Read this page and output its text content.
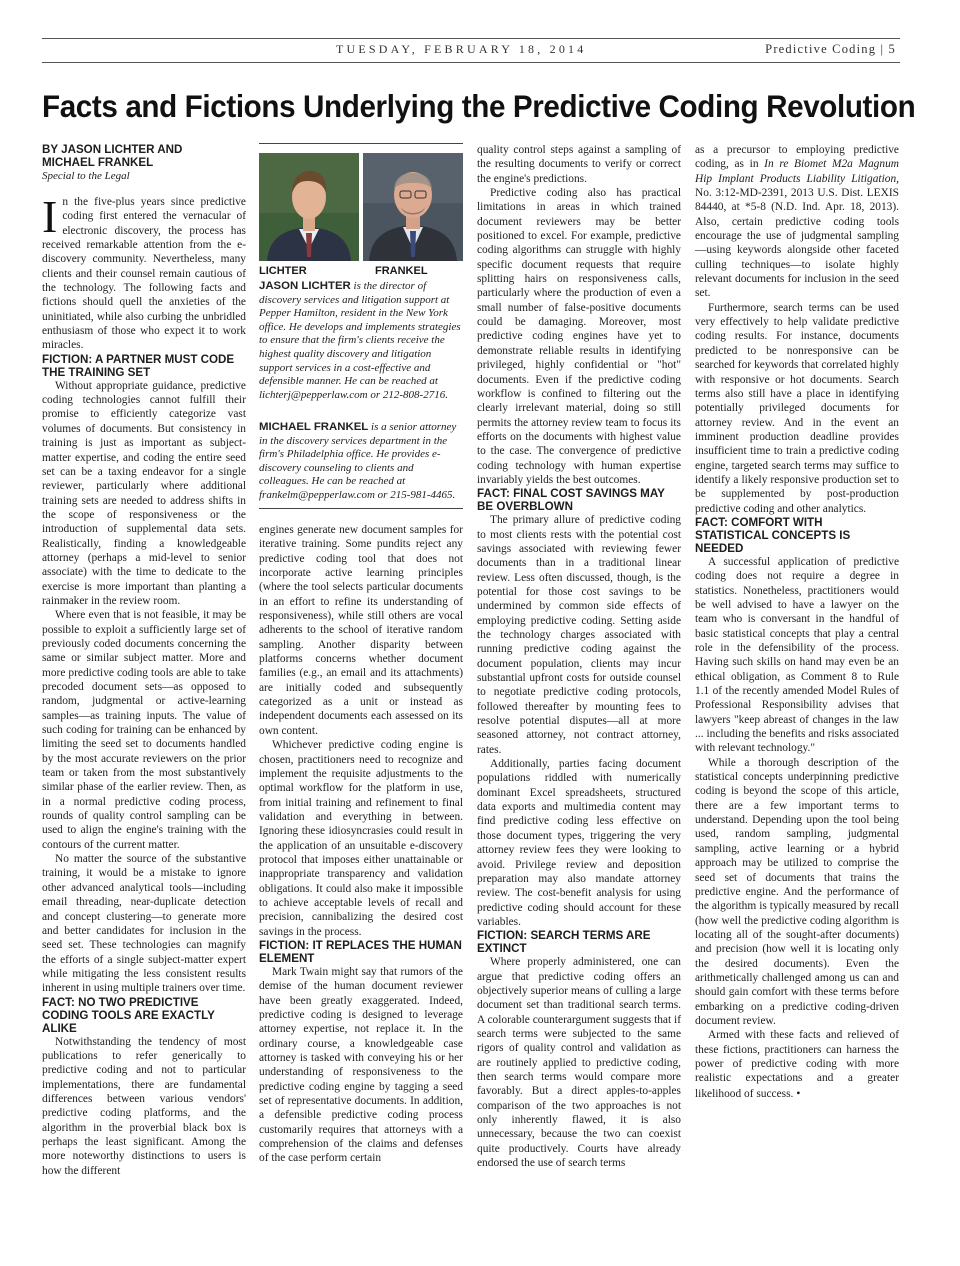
TUESDAY, FEBRUARY 18, 2014	Predictive Coding | 5
Facts and Fictions Underlying the Predictive Coding Revolution

BY JASON LICHTER AND
MICHAEL FRANKEL

Special to the Legal

In the five-plus years since predictive coding first entered the vernacular of electronic discovery, the process has received remarkable attention from the e-discovery community. Nevertheless, many clients and their counsel remain cautious of the technology. The following facts and fictions should quell the anxieties of the uninitiated, while also curbing the unbridled enthusiasm of those who expect it to work miracles.

FICTION: A PARTNER MUST CODE THE TRAINING SET

Without appropriate guidance, predictive coding technologies cannot fulfill their promise to efficiently categorize vast volumes of documents. But consistency in training is just as important as subject-matter expertise, and coding the entire seed set can be a taxing endeavor for a single reviewer, particularly where additional training sets are needed to address shifts in the scope of responsiveness or the introduction of supplemental data sets. Realistically, finding a knowledgeable attorney (perhaps a mid-level to senior associate) with the time to dedicate to the exercise is more important than planting a rainmaker in the review room.

Where even that is not feasible, it may be possible to exploit a sufficiently large set of previously coded documents concerning the same or similar subject matter. More and more predictive coding tools are able to take precoded document sets—as opposed to random, judgmental or active-learning samples—as training inputs. The value of such coding for training can be enhanced by limiting the seed set to documents handled by the most accurate reviewers on the prior team or taken from the most substantively similar phase of the earlier review. Then, as in a normal predictive coding process, rounds of quality control sampling can be used to align the engine's training with the contours of the current matter.

No matter the source of the substantive training, it would be a mistake to ignore other advanced analytical tools—including email threading, near-duplicate detection and concept clustering—to generate more and better candidates for inclusion in the seed set. These technologies can magnify the efforts of a single subject-matter expert while mitigating the less consistent results inherent in using multiple trainers over time.

FACT: NO TWO PREDICTIVE CODING TOOLS ARE EXACTLY ALIKE

Notwithstanding the tendency of most publications to refer generically to predictive coding and not to particular implementations, there are fundamental differences between various vendors' predictive coding platforms, and the algorithm in the proverbial black box is perhaps the least significant. Among the more noteworthy distinctions to users is how the different

LICHTER	FRANKEL
JASON LICHTER is the director of discovery services and litigation support at Pepper Hamilton, resident in the New York office. He develops and implements strategies to ensure that the firm's clients receive the highest quality discovery and litigation support services in a cost-effective and defensible manner. He can be reached at lichterj@pepperlaw.com or 212-808-2716.
MICHAEL FRANKEL is a senior attorney in the discovery services department in the firm's Philadelphia office. He provides e-discovery counseling to clients and colleagues. He can be reached at frankelm@pepperlaw.com or 215-981-4465.

engines generate new document samples for iterative training. Some pundits reject any predictive coding tool that does not incorporate active learning principles (where the tool selects particular documents in an effort to refine its understanding of responsiveness), while still others are vocal adherents to the school of iterative random sampling. Another disparity between platforms concerns whether document families (e.g., an email and its attachments) are initially coded and subsequently categorized as a unit or instead as independent documents each assessed on its own content.

Whichever predictive coding engine is chosen, practitioners need to recognize and implement the requisite adjustments to the optimal workflow for the platform in use, from initial training and refinement to final validation and everything in between. Ignoring these idiosyncrasies could result in the application of an unsuitable e-discovery protocol that imposes either unattainable or inappropriate transparency and validation obligations. It could also make it impossible to achieve acceptable levels of recall and precision, cannibalizing the desired cost savings in the process.

FICTION: IT REPLACES THE HUMAN ELEMENT

Mark Twain might say that rumors of the demise of the human document reviewer have been greatly exaggerated. Indeed, predictive coding is designed to leverage attorney expertise, not replace it. In the ordinary course, a knowledgeable case attorney is tasked with conveying his or her understanding of responsiveness to the predictive coding engine by tagging a seed set of representative documents. In addition, a defensible predictive coding process customarily requires that attorneys with a comprehension of the claims and defenses of the case perform certain

quality control steps against a sampling of the resulting documents to verify or correct the engine's predictions.

Predictive coding also has practical limitations in areas in which trained document reviewers may be better positioned to excel. For example, predictive coding algorithms can struggle with highly specific document requests that require splitting hairs on responsiveness calls, particularly where the production of even a small number of false-positive documents could be damaging. Moreover, most predictive coding engines have yet to demonstrate reliable results in identifying privileged, highly confidential or "hot" documents. Even if the predictive coding workflow is confined to filtering out the clearly irrelevant material, doing so still permits the attorney review team to focus its efforts on the documents with highest value to the case. The convergence of predictive coding technology with human expertise invariably yields the best outcomes.

FACT: FINAL COST SAVINGS MAY BE OVERBLOWN

The primary allure of predictive coding to most clients rests with the potential cost savings associated with reviewing fewer documents than in a traditional linear review. Less often discussed, though, is the potential for those cost savings to be undermined by common side effects of employing predictive coding. Setting aside the technology charges associated with running predictive coding against the document population, clients may incur substantial upfront costs for outside counsel to negotiate predictive coding protocols, followed thereafter by mounting fees to resolve potential disputes—all at more seasoned attorney, not contract attorney, rates.

Additionally, parties facing document populations riddled with numerically dominant Excel spreadsheets, structured data exports and multimedia content may find predictive coding less effective on those document types, triggering the very attorney review fees they were looking to avoid. Privilege review and deposition preparation may also mandate attorney review. The cost-benefit analysis for using predictive coding should account for these variables.

FICTION: SEARCH TERMS ARE EXTINCT

Where properly administered, one can argue that predictive coding offers an objectively superior means of culling a large document set than traditional search terms. A colorable counterargument suggests that if search terms were subjected to the same rigors of quality control and validation as are routinely applied to predictive coding, then search terms would compare more favorably. But a direct apples-to-apples comparison of the two approaches is not only inherently flawed, it is also unnecessary, because the two can coexist quite productively. Courts have already endorsed the use of search terms

as a precursor to employing predictive coding, as in In re Biomet M2a Magnum Hip Implant Products Liability Litigation, No. 3:12-MD-2391, 2013 U.S. Dist. LEXIS 84440, at *5-8 (N.D. Ind. Apr. 18, 2013). Also, certain predictive coding tools encourage the use of judgmental sampling—using keywords alongside other faceted culling techniques—to isolate highly relevant documents for inclusion in the seed set.

Furthermore, search terms can be used very effectively to help validate predictive coding results. For instance, documents predicted to be nonresponsive can be searched for keywords that correlated highly with responsive or hot documents. Search terms also still have a place in identifying potentially privileged documents for attorney review. And in the event an imminent production deadline provides insufficient time to train a predictive coding engine, targeted search terms may suffice to identify a likely responsive production set to be supplemented by post-production predictive coding and other analytics.

FACT: COMFORT WITH STATISTICAL CONCEPTS IS NEEDED

A successful application of predictive coding does not require a degree in statistics. Nonetheless, practitioners would be well advised to have a lawyer on the team who is conversant in the handful of basic statistical concepts that play a central role in the defensibility of the process. Having such skills on hand may even be an ethical obligation, as Comment 8 to Rule 1.1 of the recently amended Model Rules of Professional Responsibility advises that lawyers "keep abreast of changes in the law ... including the benefits and risks associated with relevant technology."

While a thorough description of the statistical concepts underpinning predictive coding is beyond the scope of this article, there are a few important terms to understand. Depending upon the tool being used, random sampling, judgmental sampling, active learning or a hybrid approach may be utilized to comprise the seed set of documents that trains the predictive engine. And the performance of the algorithm is typically measured by recall (how well the predictive coding algorithm is locating all of the sought-after documents) and precision (how well it is locating only the desired documents). Even the arithmetically challenged among us can and should gain comfort with these terms before embarking on a predictive coding-driven document review.

Armed with these facts and relieved of these fictions, practitioners can harness the power of predictive coding with more realistic expectations and a greater likelihood of success. •
